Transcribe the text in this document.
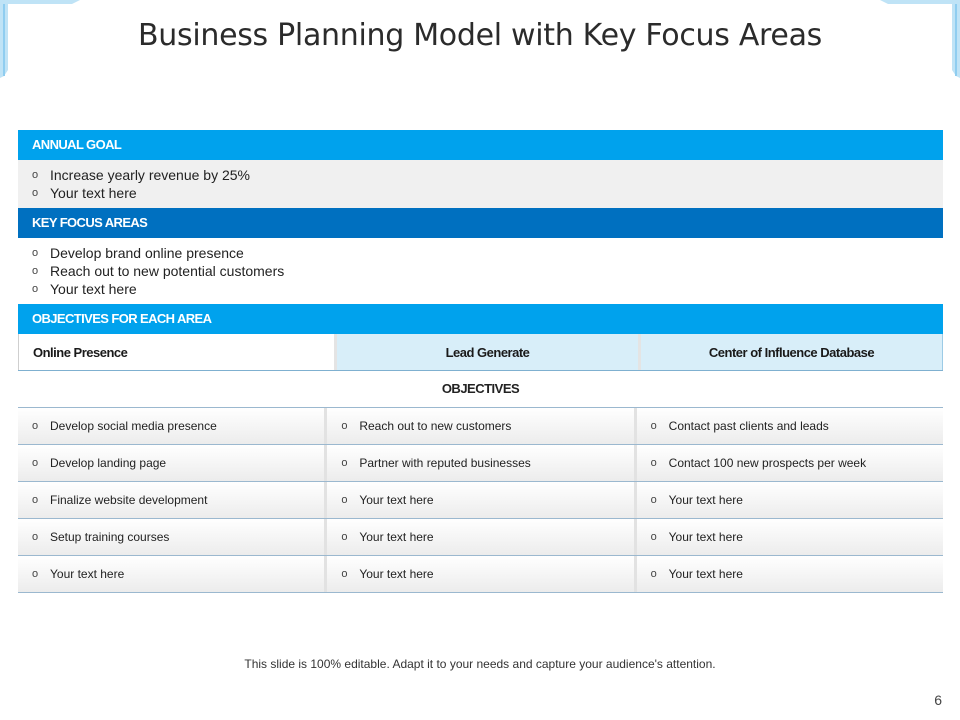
Business Planning Model with Key Focus Areas
ANNUAL GOAL
o Increase yearly revenue by 25%
o Your text here
KEY FOCUS AREAS
o Develop brand online presence
o Reach out to new potential customers
o Your text here
OBJECTIVES FOR EACH AREA
Online Presence	Lead Generate	Center of Influence Database
OBJECTIVES
o Develop social media presence	o Reach out to new customers	o Contact past clients and leads
o Develop landing page	o Partner with reputed businesses	o Contact 100 new prospects per week
o Finalize website development	o Your text here	o Your text here
o Setup training courses	o Your text here	o Your text here
o Your text here	o Your text here	o Your text here
This slide is 100% editable. Adapt it to your needs and capture your audience's attention.
6
